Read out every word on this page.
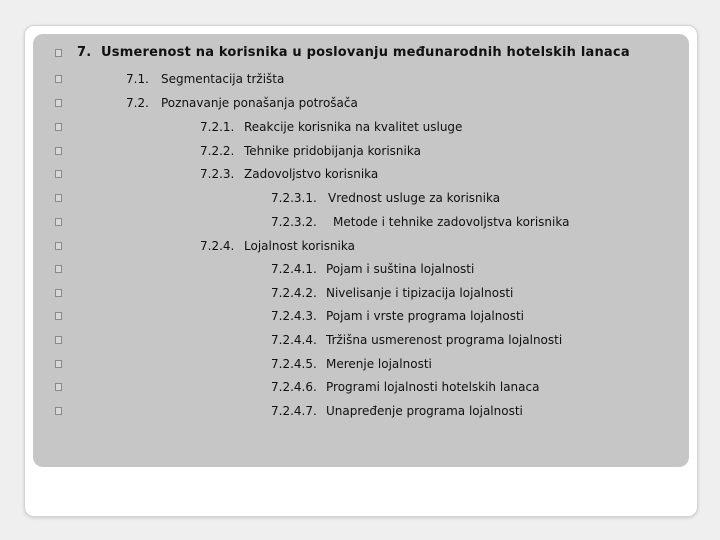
7. Usmerenost na korisnika u poslovanju međunarodnih hotelskih lanaca
7.1. Segmentacija tržišta
7.2. Poznavanje ponašanja potrošača
7.2.1. Reakcije korisnika na kvalitet usluge
7.2.2. Tehnike pridobijanja korisnika
7.2.3. Zadovoljstvo korisnika
7.2.3.1. Vrednost usluge za korisnika
7.2.3.2. Metode i tehnike zadovoljstva korisnika
7.2.4. Lojalnost korisnika
7.2.4.1. Pojam i suština lojalnosti
7.2.4.2. Nivelisanje i tipizacija lojalnosti
7.2.4.3. Pojam i vrste programa lojalnosti
7.2.4.4. Tržišna usmerenost programa lojalnosti
7.2.4.5. Merenje lojalnosti
7.2.4.6. Programi lojalnosti hotelskih lanaca
7.2.4.7. Unapređenje programa lojalnosti
